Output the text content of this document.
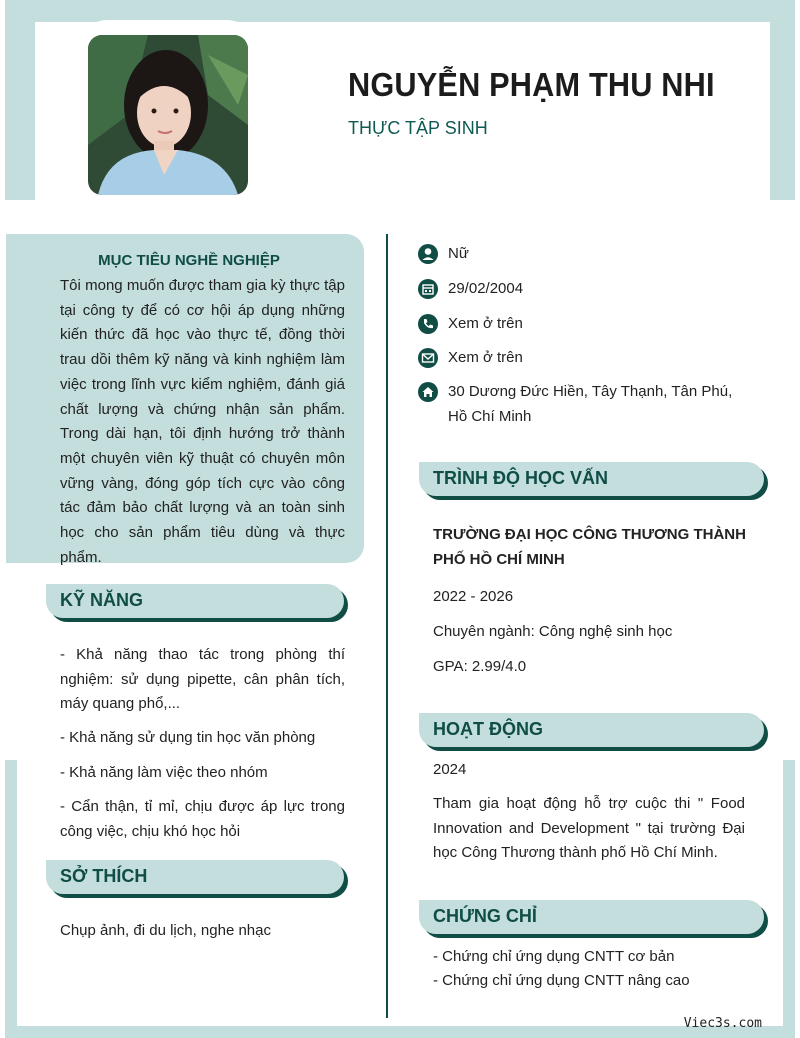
NGUYỄN PHẠM THU NHI
THỰC TẬP SINH
MỤC TIÊU NGHỀ NGHIỆP
Tôi mong muốn được tham gia kỳ thực tập tại công ty để có cơ hội áp dụng những kiến thức đã học vào thực tế, đồng thời trau dồi thêm kỹ năng và kinh nghiệm làm việc trong lĩnh vực kiểm nghiệm, đánh giá chất lượng và chứng nhận sản phẩm. Trong dài hạn, tôi định hướng trở thành một chuyên viên kỹ thuật có chuyên môn vững vàng, đóng góp tích cực vào công tác đảm bảo chất lượng và an toàn sinh học cho sản phẩm tiêu dùng và thực phẩm.
KỸ NĂNG
- Khả năng thao tác trong phòng thí nghiệm: sử dụng pipette, cân phân tích, máy quang phổ,...
- Khả năng sử dụng tin học văn phòng
- Khả năng làm việc theo nhóm
- Cẩn thận, tỉ mỉ, chịu được áp lực trong công việc, chịu khó học hỏi
SỞ THÍCH
Chụp ảnh, đi du lịch, nghe nhạc
Nữ
29/02/2004
Xem ở trên
Xem ở trên
30 Dương Đức Hiền, Tây Thạnh, Tân Phú, Hồ Chí Minh
TRÌNH ĐỘ HỌC VẤN
TRƯỜNG ĐẠI HỌC CÔNG THƯƠNG THÀNH PHỐ HỒ CHÍ MINH
2022 - 2026
Chuyên ngành: Công nghệ sinh học
GPA: 2.99/4.0
HOẠT ĐỘNG
2024
Tham gia hoạt động hỗ trợ cuộc thi " Food Innovation and Development " tại trường Đại học Công Thương thành phố Hồ Chí Minh.
CHỨNG CHỈ
- Chứng chỉ ứng dụng CNTT cơ bản
- Chứng chỉ ứng dụng CNTT nâng cao
Viec3s.com
